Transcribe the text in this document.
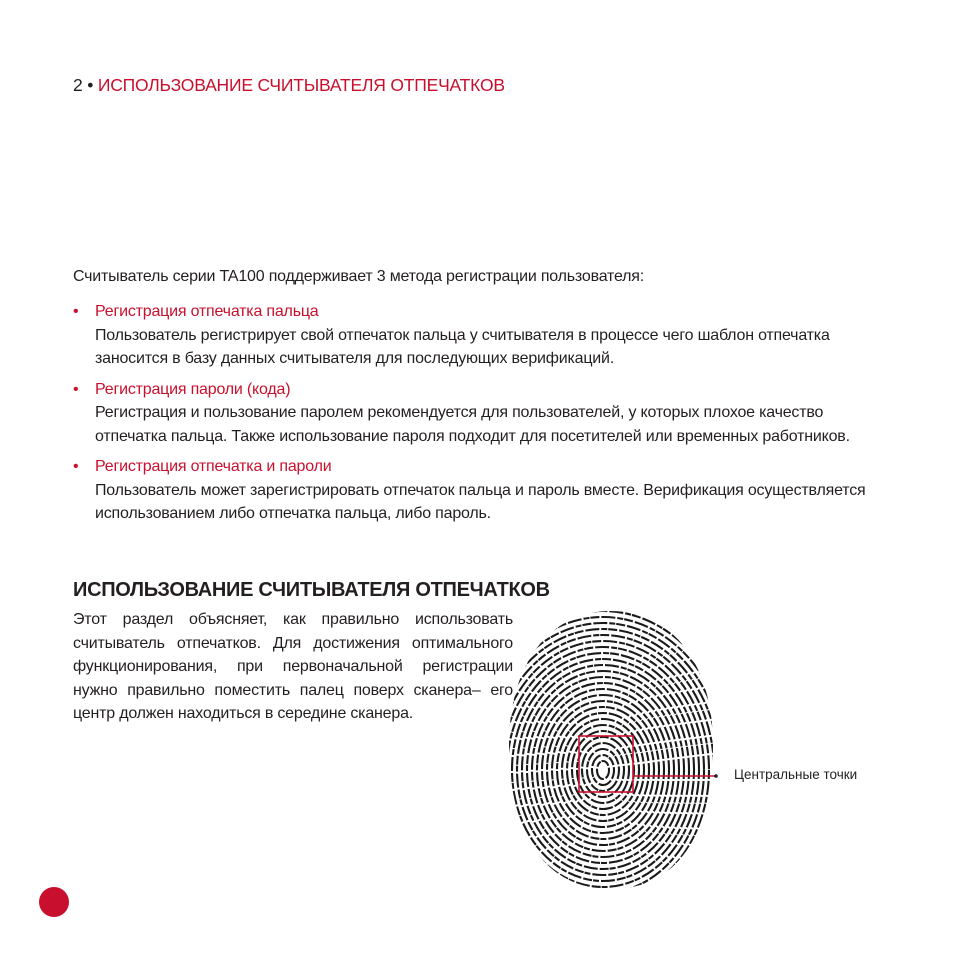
2 • ИСПОЛЬЗОВАНИЕ СЧИТЫВАТЕЛЯ ОТПЕЧАТКОВ
Считыватель серии TA100 поддерживает 3 метода регистрации пользователя:
• Регистрация отпечатка пальца
Пользователь регистрирует свой отпечаток пальца у считывателя в процессе чего шаблон отпечатка заносится в базу данных считывателя для последующих верификаций.
• Регистрация пароли (кода)
Регистрация и пользование паролем рекомендуется для пользователей, у которых плохое качество отпечатка пальца. Также использование пароля подходит для посетителей или временных работников.
• Регистрация отпечатка и пароли
Пользователь может зарегистрировать отпечаток пальца и пароль вместе. Верификация осуществляется использованием либо отпечатка пальца, либо пароль.
ИСПОЛЬЗОВАНИЕ СЧИТЫВАТЕЛЯ ОТПЕЧАТКОВ
Этот раздел объясняет, как правильно использовать считыватель отпечатков. Для достижения оптимального функционирования, при первоначальной регистрации нужно правильно поместить палец поверх сканера– его центр должен находиться в середине сканера.
Центральные точки
